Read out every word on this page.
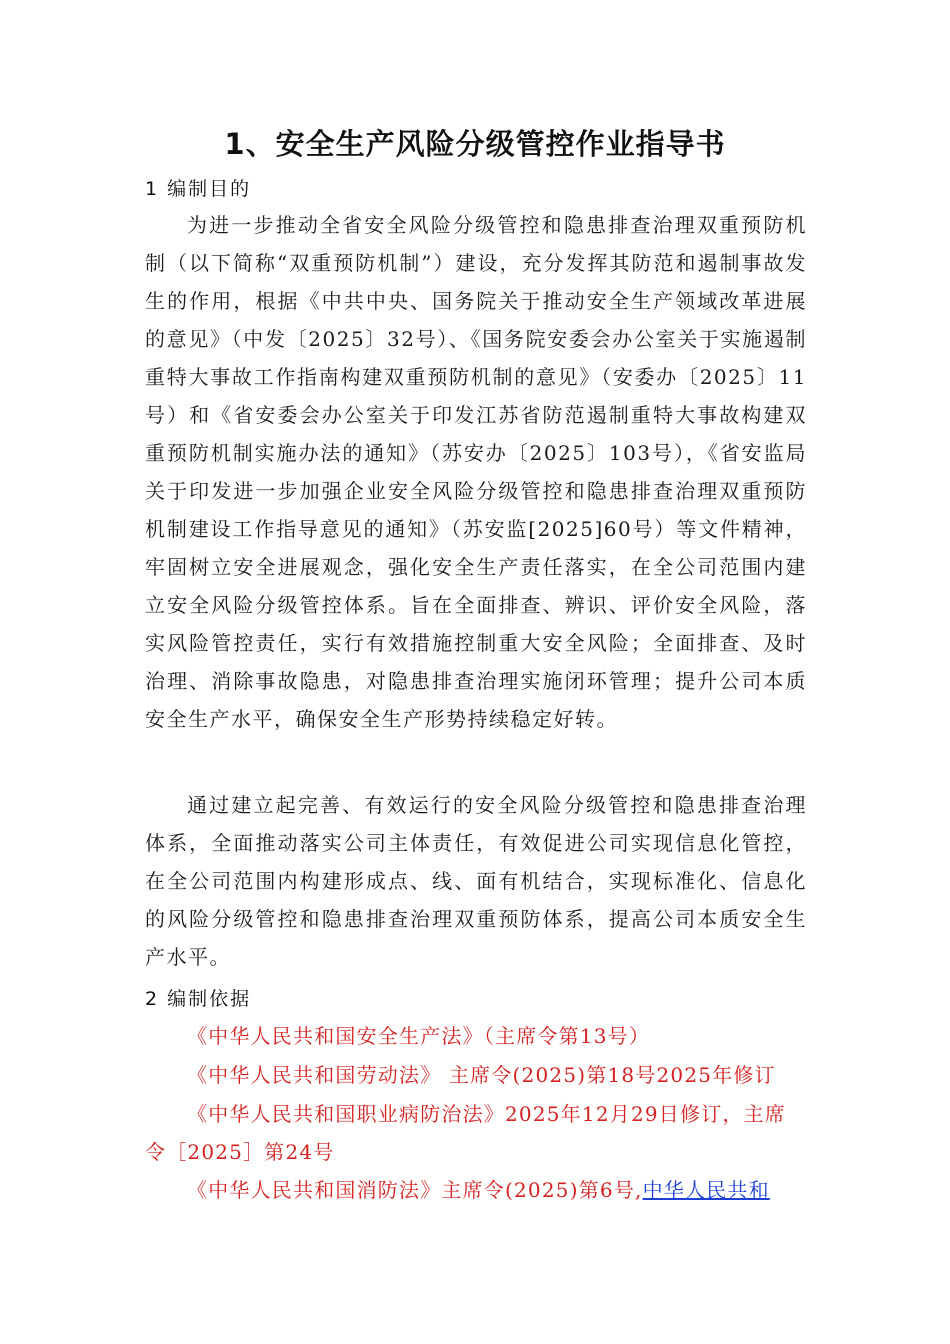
1、安全生产风险分级管控作业指导书
1 编制目的
为进一步推动全省安全风险分级管控和隐患排查治理双重预防机制（以下简称“双重预防机制”）建设，充分发挥其防范和遏制事故发生的作用，根据《中共中央、国务院关于推动安全生产领域改革进展的意见》（中发〔2025〕32号）、《国务院安委会办公室关于实施遏制重特大事故工作指南构建双重预防机制的意见》（安委办〔2025〕11号）和《省安委会办公室关于印发江苏省防范遏制重特大事故构建双重预防机制实施办法的通知》（苏安办〔2025〕103号），《省安监局关于印发进一步加强企业安全风险分级管控和隐患排查治理双重预防机制建设工作指导意见的通知》（苏安监[2025]60号）等文件精神，牢固树立安全进展观念，强化安全生产责任落实，在全公司范围内建立安全风险分级管控体系。旨在全面排查、辨识、评价安全风险，落实风险管控责任，实行有效措施控制重大安全风险；全面排查、及时治理、消除事故隐患，对隐患排查治理实施闭环管理；提升公司本质安全生产水平，确保安全生产形势持续稳定好转。
通过建立起完善、有效运行的安全风险分级管控和隐患排查治理体系，全面推动落实公司主体责任，有效促进公司实现信息化管控，在全公司范围内构建形成点、线、面有机结合，实现标准化、信息化的风险分级管控和隐患排查治理双重预防体系，提高公司本质安全生产水平。
2 编制依据
《中华人民共和国安全生产法》（主席令第13号）
《中华人民共和国劳动法》 主席令(2025)第18号2025年修订
《中华人民共和国职业病防治法》2025年12月29日修订，主席令［2025］第24号
《中华人民共和国消防法》主席令(2025)第6号,中华人民共和
